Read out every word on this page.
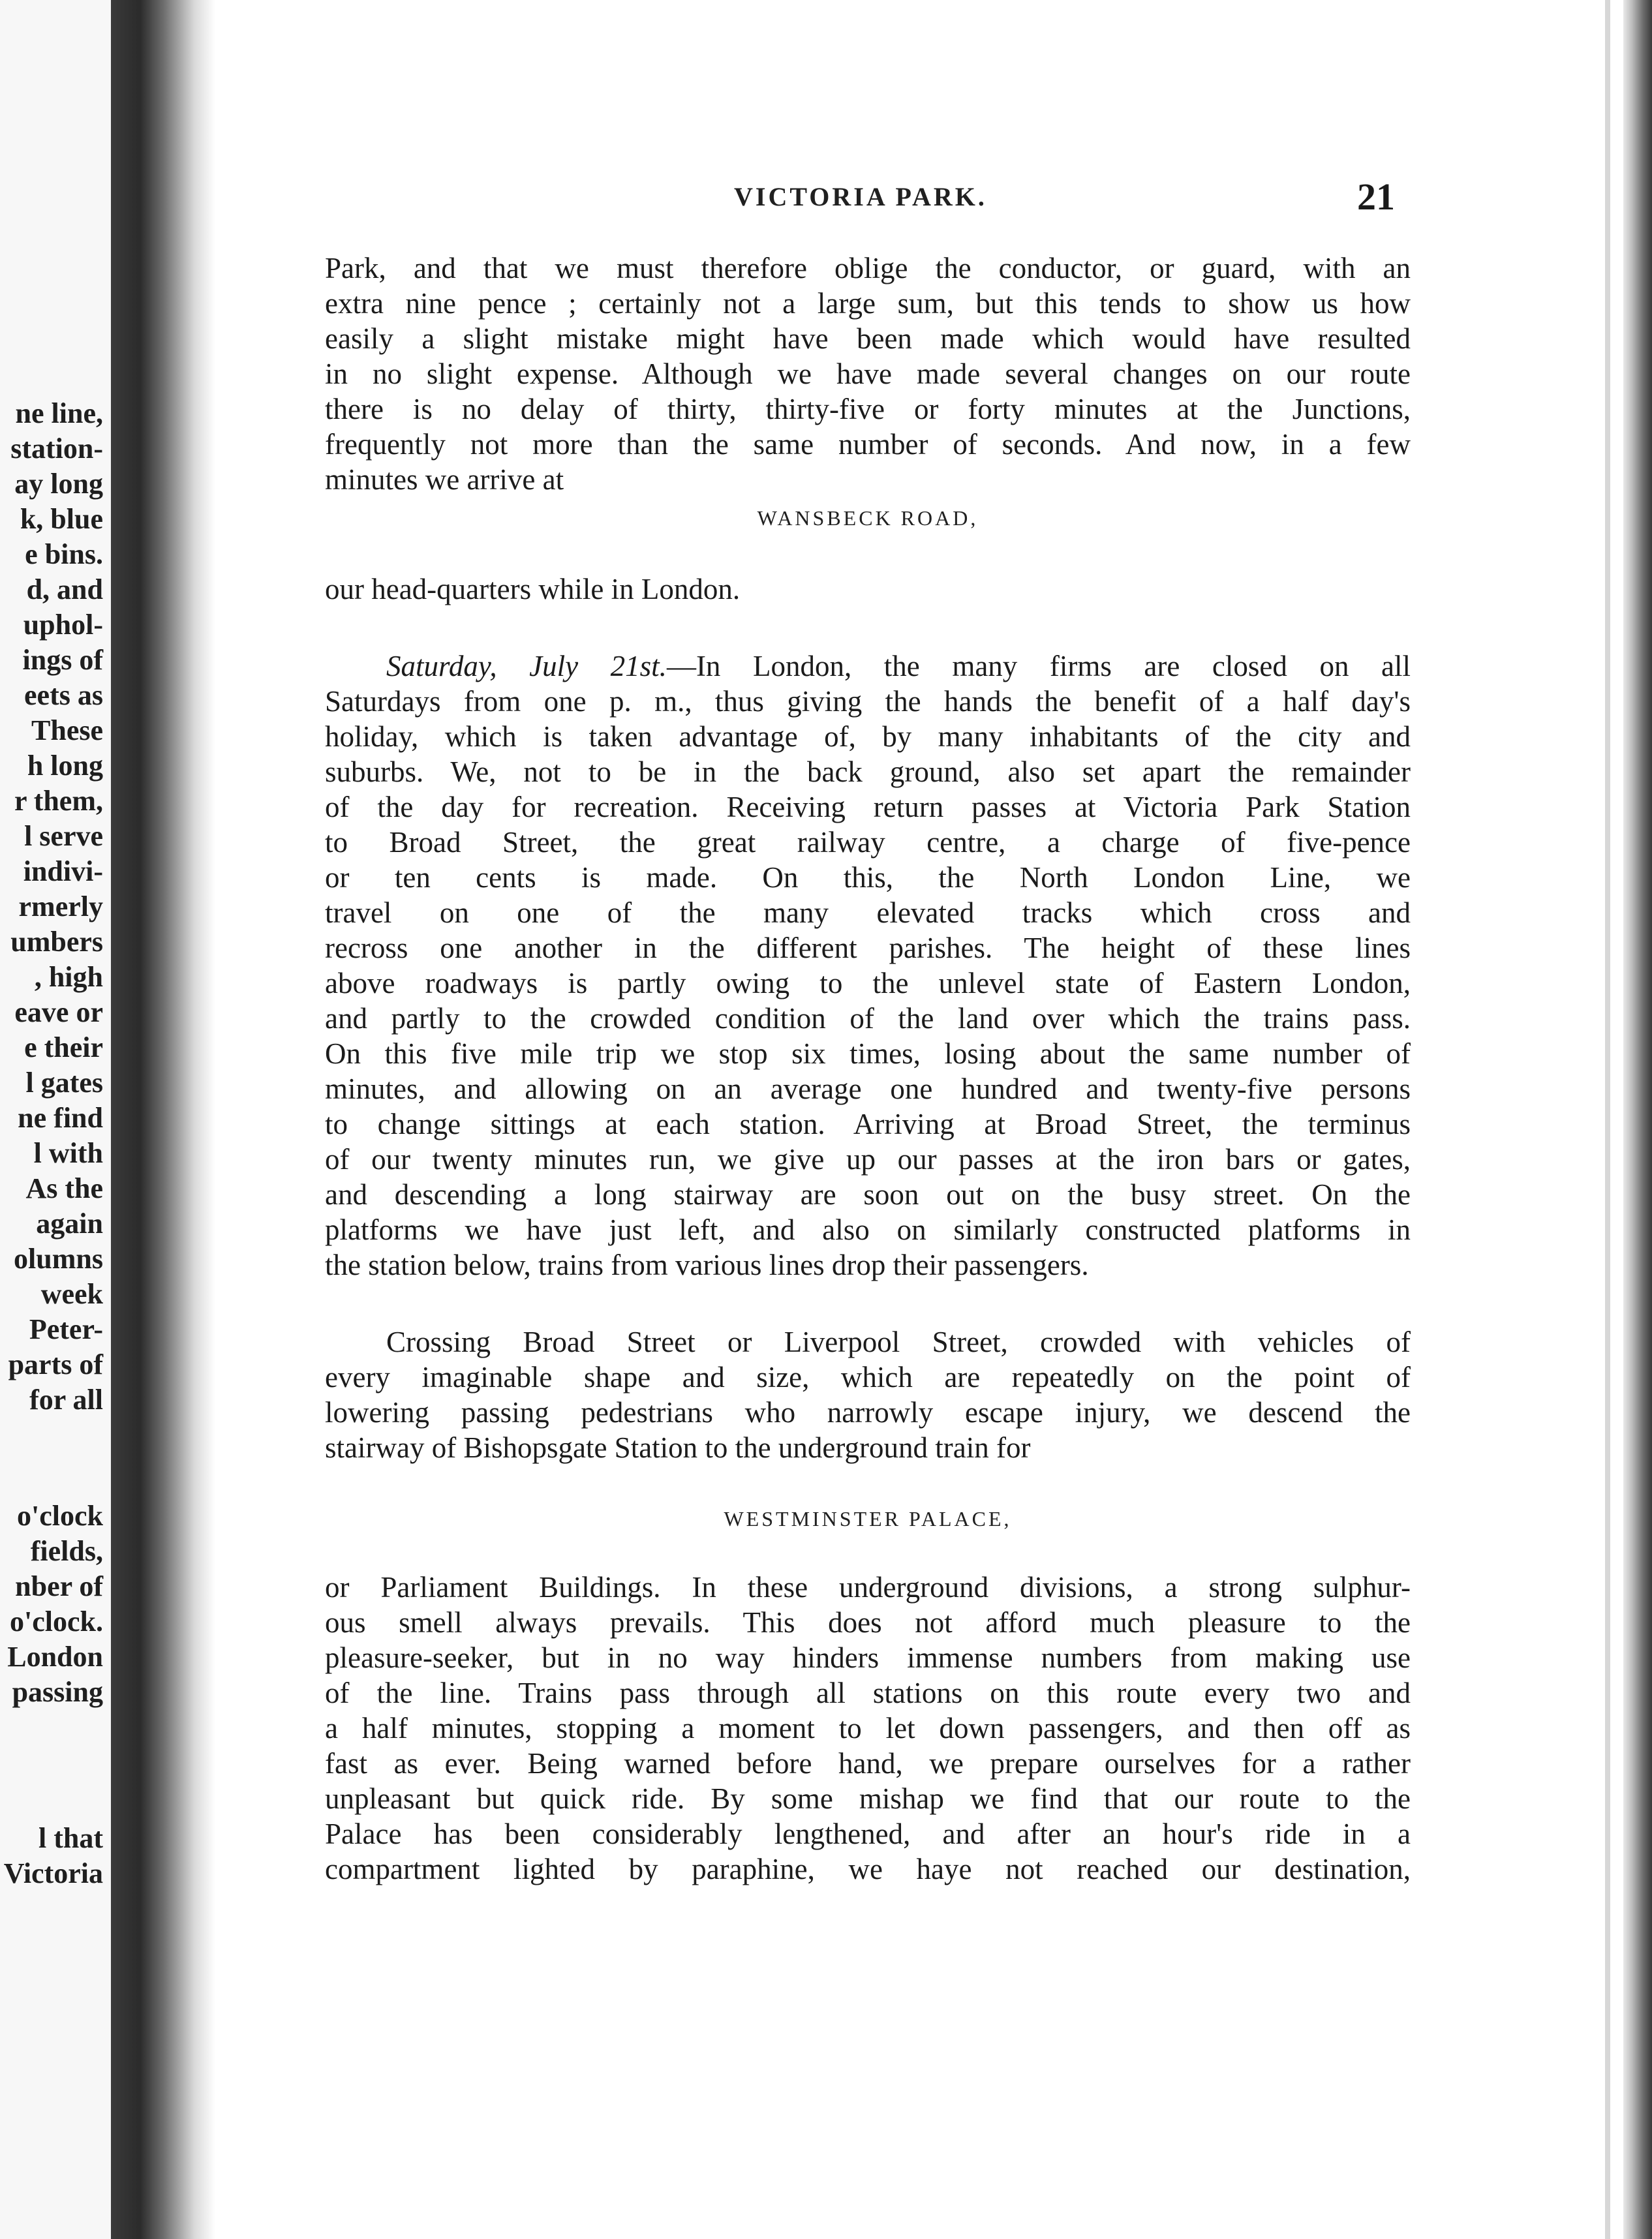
ne line,
station-
ay long
k, blue
e bins.
d, and
uphol-
ings of
eets as
These
h long
r them,
l serve
indivi-
rmerly
umbers
, high
eave or
e their
l gates
ne find
l with
As the
again
olumns
week
Peter-
parts of
for all
o'clock
fields,
nber of
o'clock.
London
passing
l that
Victoria
VICTORIA PARK.	21
Park, and that we must therefore oblige the conductor, or guard, with an
extra nine pence ; certainly not a large sum, but this tends to show us how
easily a slight mistake might have been made which would have resulted
in no slight expense. Although we have made several changes on our route
there is no delay of thirty, thirty-five or forty minutes at the Junctions,
frequently not more than the same number of seconds. And now, in a few
minutes we arrive at
WANSBECK ROAD,
our head-quarters while in London.
Saturday, July 21st.—In London, the many firms are closed on all
Saturdays from one p. m., thus giving the hands the benefit of a half day's
holiday, which is taken advantage of, by many inhabitants of the city and
suburbs. We, not to be in the back ground, also set apart the remainder
of the day for recreation. Receiving return passes at Victoria Park Station
to Broad Street, the great railway centre, a charge of five-pence
or ten cents is made. On this, the North London Line, we
travel on one of the many elevated tracks which cross and
recross one another in the different parishes. The height of these lines
above roadways is partly owing to the unlevel state of Eastern London,
and partly to the crowded condition of the land over which the trains pass.
On this five mile trip we stop six times, losing about the same number of
minutes, and allowing on an average one hundred and twenty-five persons
to change sittings at each station. Arriving at Broad Street, the terminus
of our twenty minutes run, we give up our passes at the iron bars or gates,
and descending a long stairway are soon out on the busy street. On the
platforms we have just left, and also on similarly constructed platforms in
the station below, trains from various lines drop their passengers.
Crossing Broad Street or Liverpool Street, crowded with vehicles of
every imaginable shape and size, which are repeatedly on the point of
lowering passing pedestrians who narrowly escape injury, we descend the
stairway of Bishopsgate Station to the underground train for
WESTMINSTER PALACE,
or Parliament Buildings. In these underground divisions, a strong sulphur-
ous smell always prevails. This does not afford much pleasure to the
pleasure-seeker, but in no way hinders immense numbers from making use
of the line. Trains pass through all stations on this route every two and
a half minutes, stopping a moment to let down passengers, and then off as
fast as ever. Being warned before hand, we prepare ourselves for a rather
unpleasant but quick ride. By some mishap we find that our route to the
Palace has been considerably lengthened, and after an hour's ride in a
compartment lighted by paraphine, we haye not reached our destination,
